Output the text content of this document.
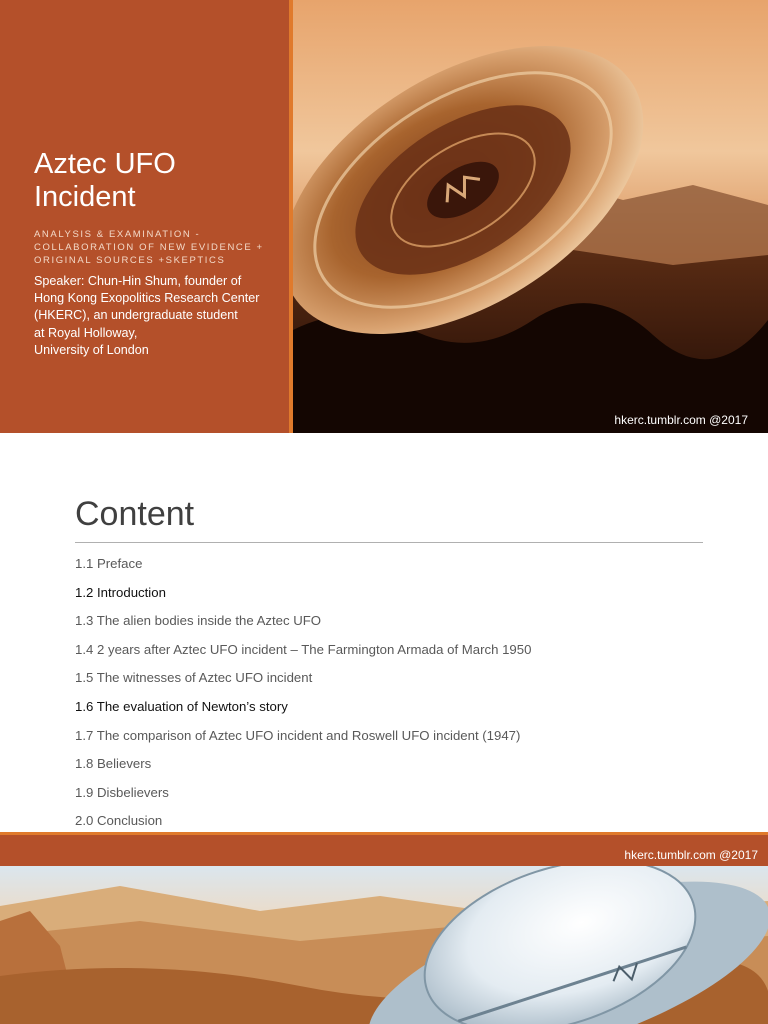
Aztec UFO Incident
ANALYSIS & EXAMINATION - COLLABORATION OF NEW EVIDENCE + ORIGINAL SOURCES +SKEPTICS
Speaker: Chun-Hin Shum, founder of
Hong Kong Exopolitics Research Center
(HKERC), an undergraduate student
at Royal Holloway,
University of London
hkerc.tumblr.com @2017
Content
1.1 Preface
1.2 Introduction
1.3 The alien bodies inside the Aztec UFO
1.4 2 years after Aztec UFO incident – The Farmington Armada of March 1950
1.5 The witnesses of Aztec UFO incident
1.6 The evaluation of Newton’s story
1.7 The comparison of Aztec UFO incident and Roswell UFO incident (1947)
1.8 Believers
1.9 Disbelievers
2.0 Conclusion
hkerc.tumblr.com @2017
